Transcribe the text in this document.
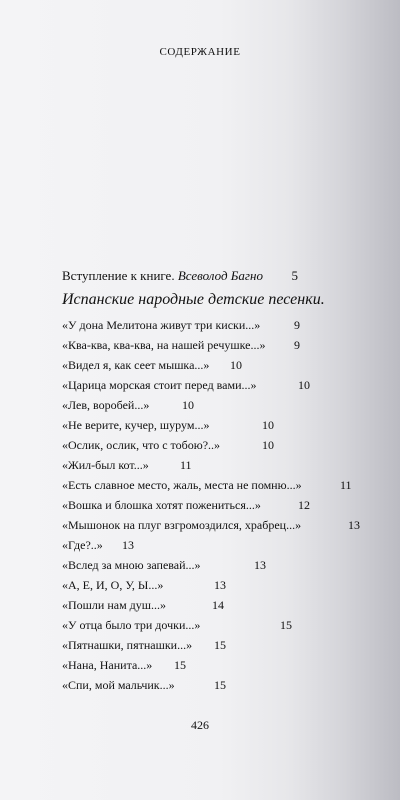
СОДЕРЖАНИЕ
Вступление к книге. Всеволод Багно 5
Испанские народные детские песенки.
«У дона Мелитона живут три киски...»	9
«Ква-ква, ква-ква, на нашей речушке...» 9
«Видел я, как сеет мышка...» 10
«Царица морская стоит перед вами...»	10
«Лев, воробей...»	10
«Не верите, кучер, шурум...»	10
«Ослик, ослик, что с тобою?..»	10
«Жил-был кот...»	11
«Есть славное место, жаль, места не помню...»	11
«Вошка и блошка хотят пожениться...»	12
«Мышонок на плуг взгромоздился, храбрец...»	13
«Где?..» 13
«Вслед за мною запевай...»	13
«А, Е, И, О, У, Ы...»	13
«Пошли нам душ...»	14
«У отца было три дочки...»	15
«Пятнашки, пятнашки...» 15
«Нана, Нанита...» 15
«Спи, мой мальчик...»	15
426
